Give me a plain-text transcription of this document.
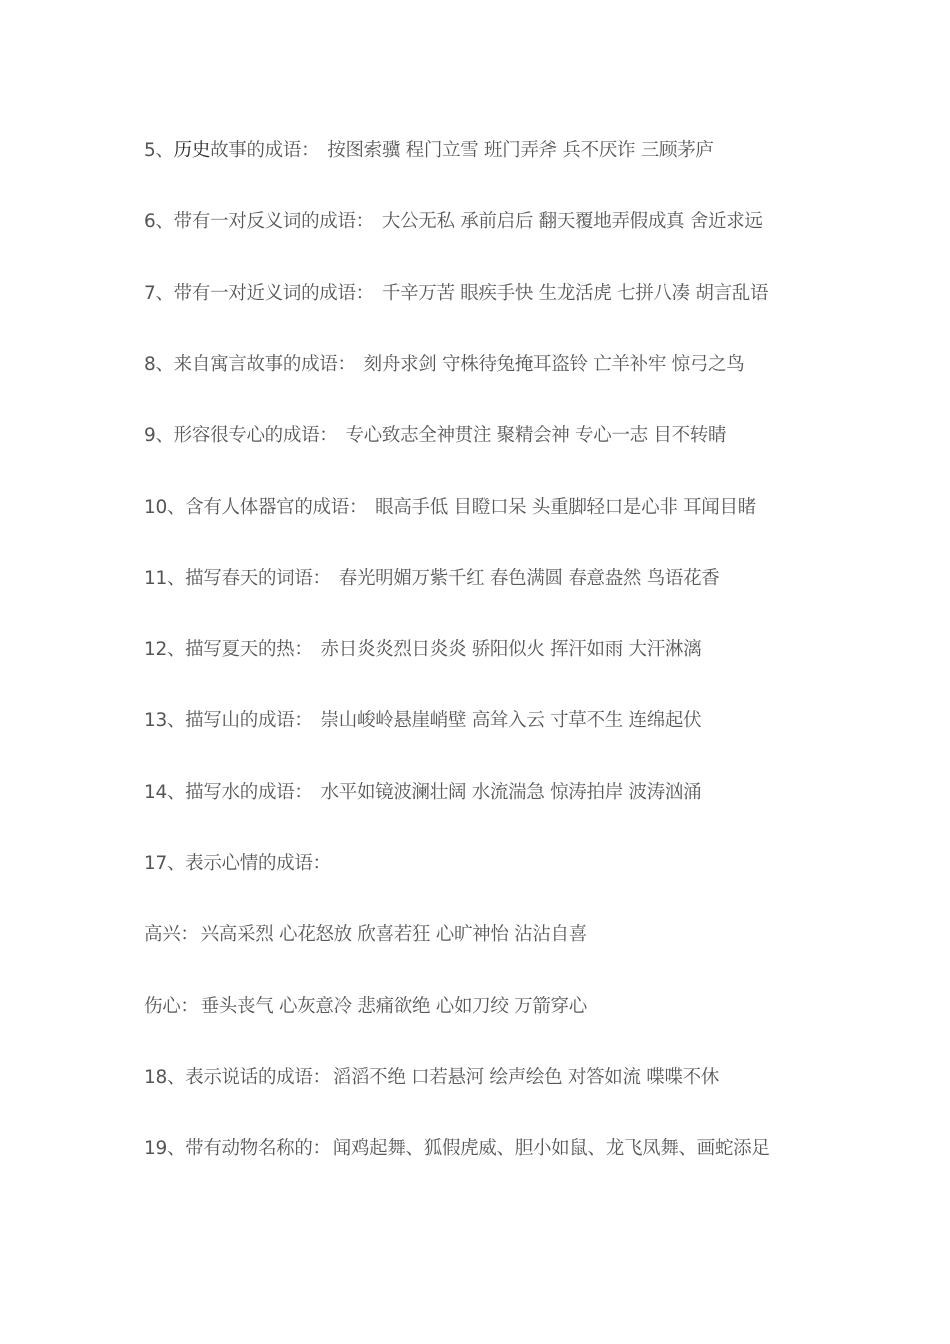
5、历史故事的成语： 按图索骥 程门立雪 班门弄斧 兵不厌诈 三顾茅庐
6、带有一对反义词的成语： 大公无私 承前启后 翻天覆地弄假成真 舍近求远
7、带有一对近义词的成语： 千辛万苦 眼疾手快 生龙活虎 七拼八凑 胡言乱语
8、来自寓言故事的成语： 刻舟求剑 守株待兔掩耳盗铃 亡羊补牢 惊弓之鸟
9、形容很专心的成语： 专心致志全神贯注 聚精会神 专心一志 目不转睛
10、含有人体器官的成语： 眼高手低 目瞪口呆 头重脚轻口是心非 耳闻目睹
11、描写春天的词语： 春光明媚万紫千红 春色满圆 春意盎然 鸟语花香
12、描写夏天的热： 赤日炎炎烈日炎炎 骄阳似火 挥汗如雨 大汗淋漓
13、描写山的成语： 崇山峻岭悬崖峭壁 高耸入云 寸草不生 连绵起伏
14、描写水的成语： 水平如镜波澜壮阔 水流湍急 惊涛拍岸 波涛汹涌
17、表示心情的成语：
高兴： 兴高采烈 心花怒放 欣喜若狂 心旷神怡 沾沾自喜
伤心： 垂头丧气 心灰意冷 悲痛欲绝 心如刀绞 万箭穿心
18、表示说话的成语： 滔滔不绝 口若悬河 绘声绘色 对答如流 喋喋不休
19、带有动物名称的： 闻鸡起舞、狐假虎威、胆小如鼠、龙飞凤舞、画蛇添足
